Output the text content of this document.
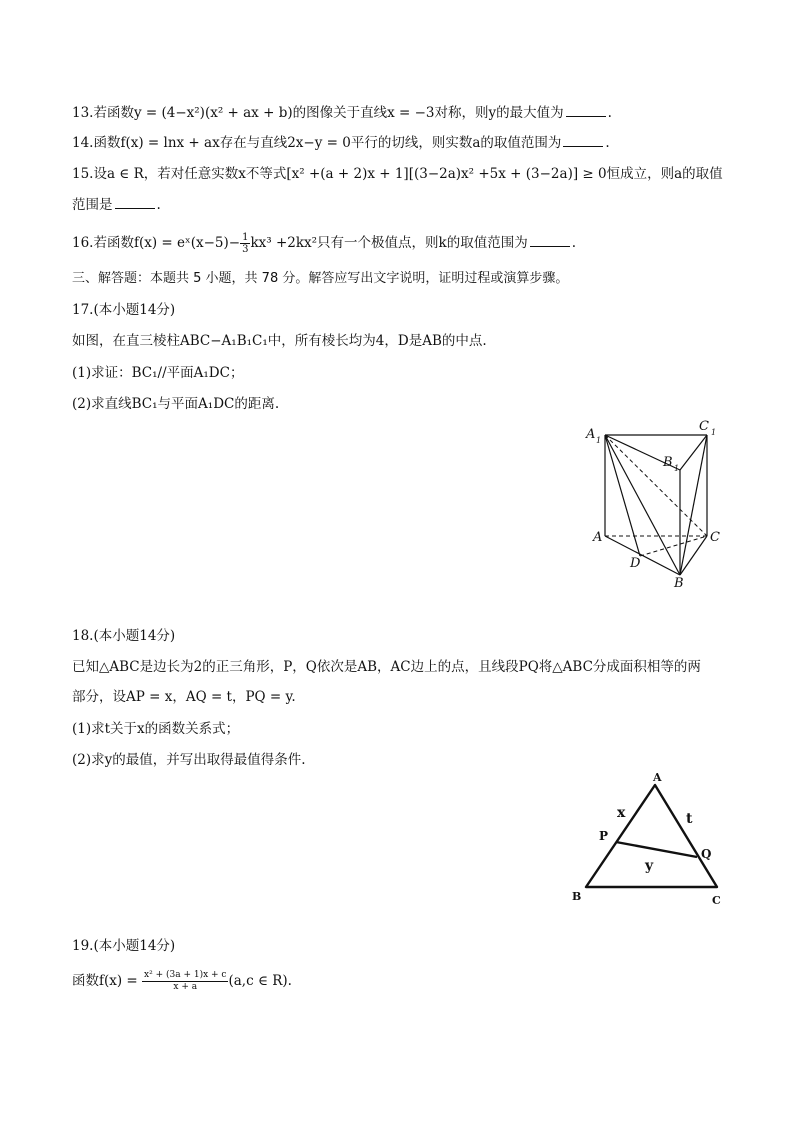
13.若函数y = (4−x²)(x² + ax + b)的图像关于直线x = −3对称，则y的最大值为	.
14.函数f(x) = lnx + ax存在与直线2x−y = 0平行的切线，则实数a的取值范围为	.
15.设a ∈ R，若对任意实数x不等式[x² +(a + 2)x + 1][(3−2a)x² +5x + (3−2a)] ≥ 0恒成立，则a的取值
范围是	.
16.若函数f(x) = eˣ(x−5)− $\frac{1}{3} kx^3 +2kx^2$只有一个极值点，则k的取值范围为	.
三、解答题：本题共 5 小题，共 78 分。解答应写出文字说明，证明过程或演算步骤。
17.(本小题14分)
如图，在直三棱柱ABC−A₁B₁C₁中，所有棱长均为4，D是AB的中点.
(1)求证：BC₁//平面A₁DC；
(2)求直线BC₁与平面A₁DC的距离.
A 1
C 1
B 1
A	C
D
B
18.(本小题14分)
已知△ABC是边长为2的正三角形，P，Q依次是AB，AC边上的点，且线段PQ将△ABC分成面积相等的两
部分，设AP = x，AQ = t，PQ = y.
(1)求t关于x的函数关系式；
(2)求y的最值，并写出取得最值得条件.
A
B	C
P
Q
x	t
y
19.(本小题14分)
函数$f(x) = \frac{\text{x² + (3a + 1)x + c}}{x + a} (a,c$ ∈ R).
